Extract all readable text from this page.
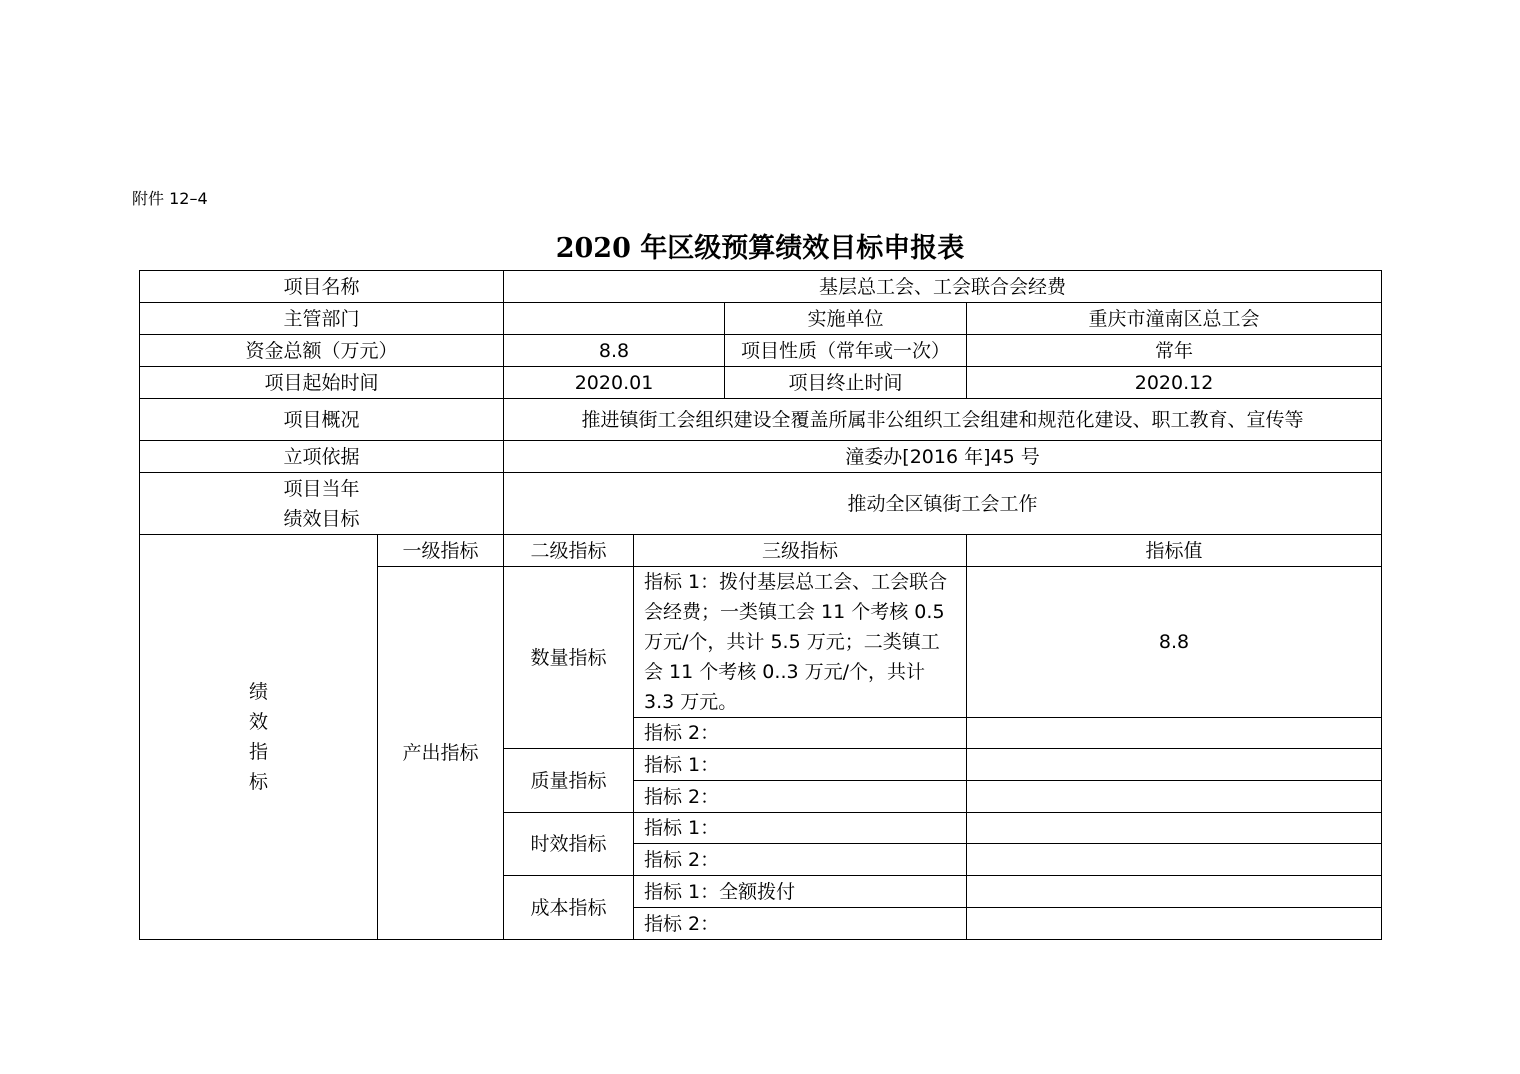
附件 12–4
2020 年区级预算绩效目标申报表
项目名称		基层总工会、工会联合会经费			
主管部门				实施单位	重庆市潼南区总工会
资金总额（万元）		8.8		项目性质（常年或一次）	常年
项目起始时间		2020.01		项目终止时间	2020.12
项目概况		推进镇街工会组织建设全覆盖所属非公组织工会组建和规范化建设、职工教育、宣传等			
立项依据		潼委办[2016 年]45 号			

项目当年
绩效目标		推动全区镇街工会工作			

绩
效
指
标	一级指标	二级指标	三级指标		指标值
	产出指标	数量指标	指标 1：拨付基层总工会、工会联合会经费；一类镇工会 11 个考核 0.5 万元/个，共计 5.5 万元；二类镇工会 11 个考核 0..3 万元/个，共计 3.3 万元。		8.8
			指标 2：		
		质量指标	指标 1：		
			指标 2：		
		时效指标	指标 1：		
			指标 2：		
		成本指标	指标 1：全额拨付		
			指标 2：		
